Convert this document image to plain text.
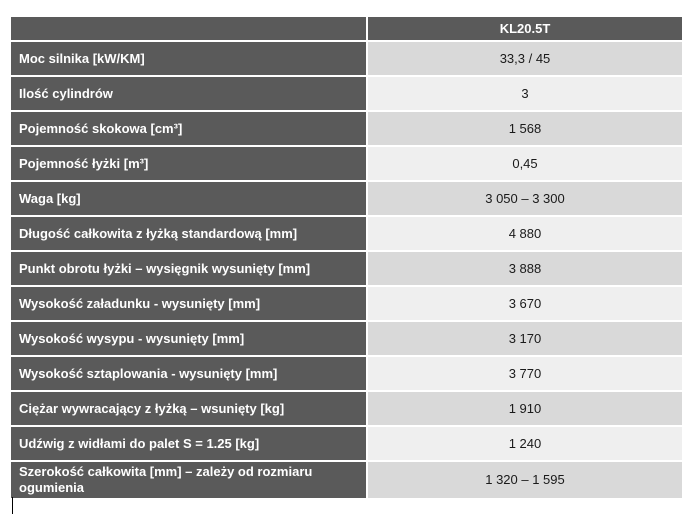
	KL20.5T
Moc silnika [kW/KM]	33,3 / 45
Ilość cylindrów	3
Pojemność skokowa [cm³]	1 568
Pojemność łyżki [m³]	0,45
Waga [kg]	3 050 – 3 300
Długość całkowita z łyżką standardową [mm]	4 880
Punkt obrotu łyżki – wysięgnik wysunięty [mm]	3 888
Wysokość załadunku - wysunięty [mm]	3 670
Wysokość wysypu - wysunięty [mm]	3 170
Wysokość sztaplowania - wysunięty [mm]	3 770
Ciężar wywracający z łyżką – wsunięty [kg]	1 910
Udźwig z widłami do palet S = 1.25 [kg]	1 240
Szerokość całkowita [mm] – zależy od rozmiaru ogumienia	1 320 – 1 595
